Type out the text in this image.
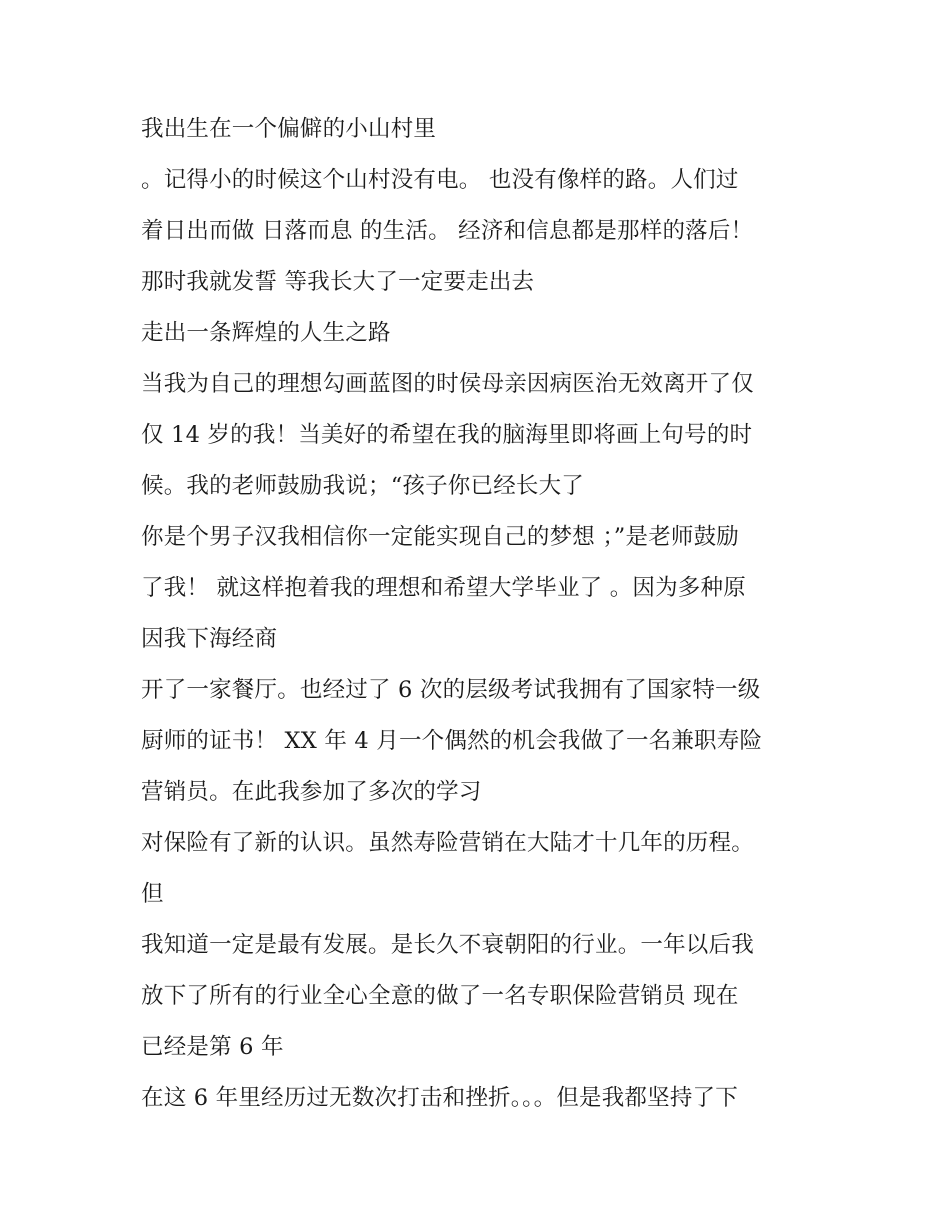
我出生在一个偏僻的小山村里
。记得小的时候这个山村没有电。 也没有像样的路。人们过
着日出而做 日落而息 的生活。 经济和信息都是那样的落后！
那时我就发誓 等我长大了一定要走出去
走出一条辉煌的人生之路
当我为自己的理想勾画蓝图的时侯母亲因病医治无效离开了仅
仅 14 岁的我！当美好的希望在我的脑海里即将画上句号的时
候。我的老师鼓励我说；“孩子你已经长大了
你是个男子汉我相信你一定能实现自己的梦想 ；”是老师鼓励
了我！ 就这样抱着我的理想和希望大学毕业了 。因为多种原
因我下海经商
开了一家餐厅。也经过了 6 次的层级考试我拥有了国家特一级
厨师的证书！ XX 年 4 月一个偶然的机会我做了一名兼职寿险
营销员。在此我参加了多次的学习
对保险有了新的认识。虽然寿险营销在大陆才十几年的历程。
但
我知道一定是最有发展。是长久不衰朝阳的行业。一年以后我
放下了所有的行业全心全意的做了一名专职保险营销员 现在
已经是第 6 年
在这 6 年里经历过无数次打击和挫折。。。但是我都坚持了下
